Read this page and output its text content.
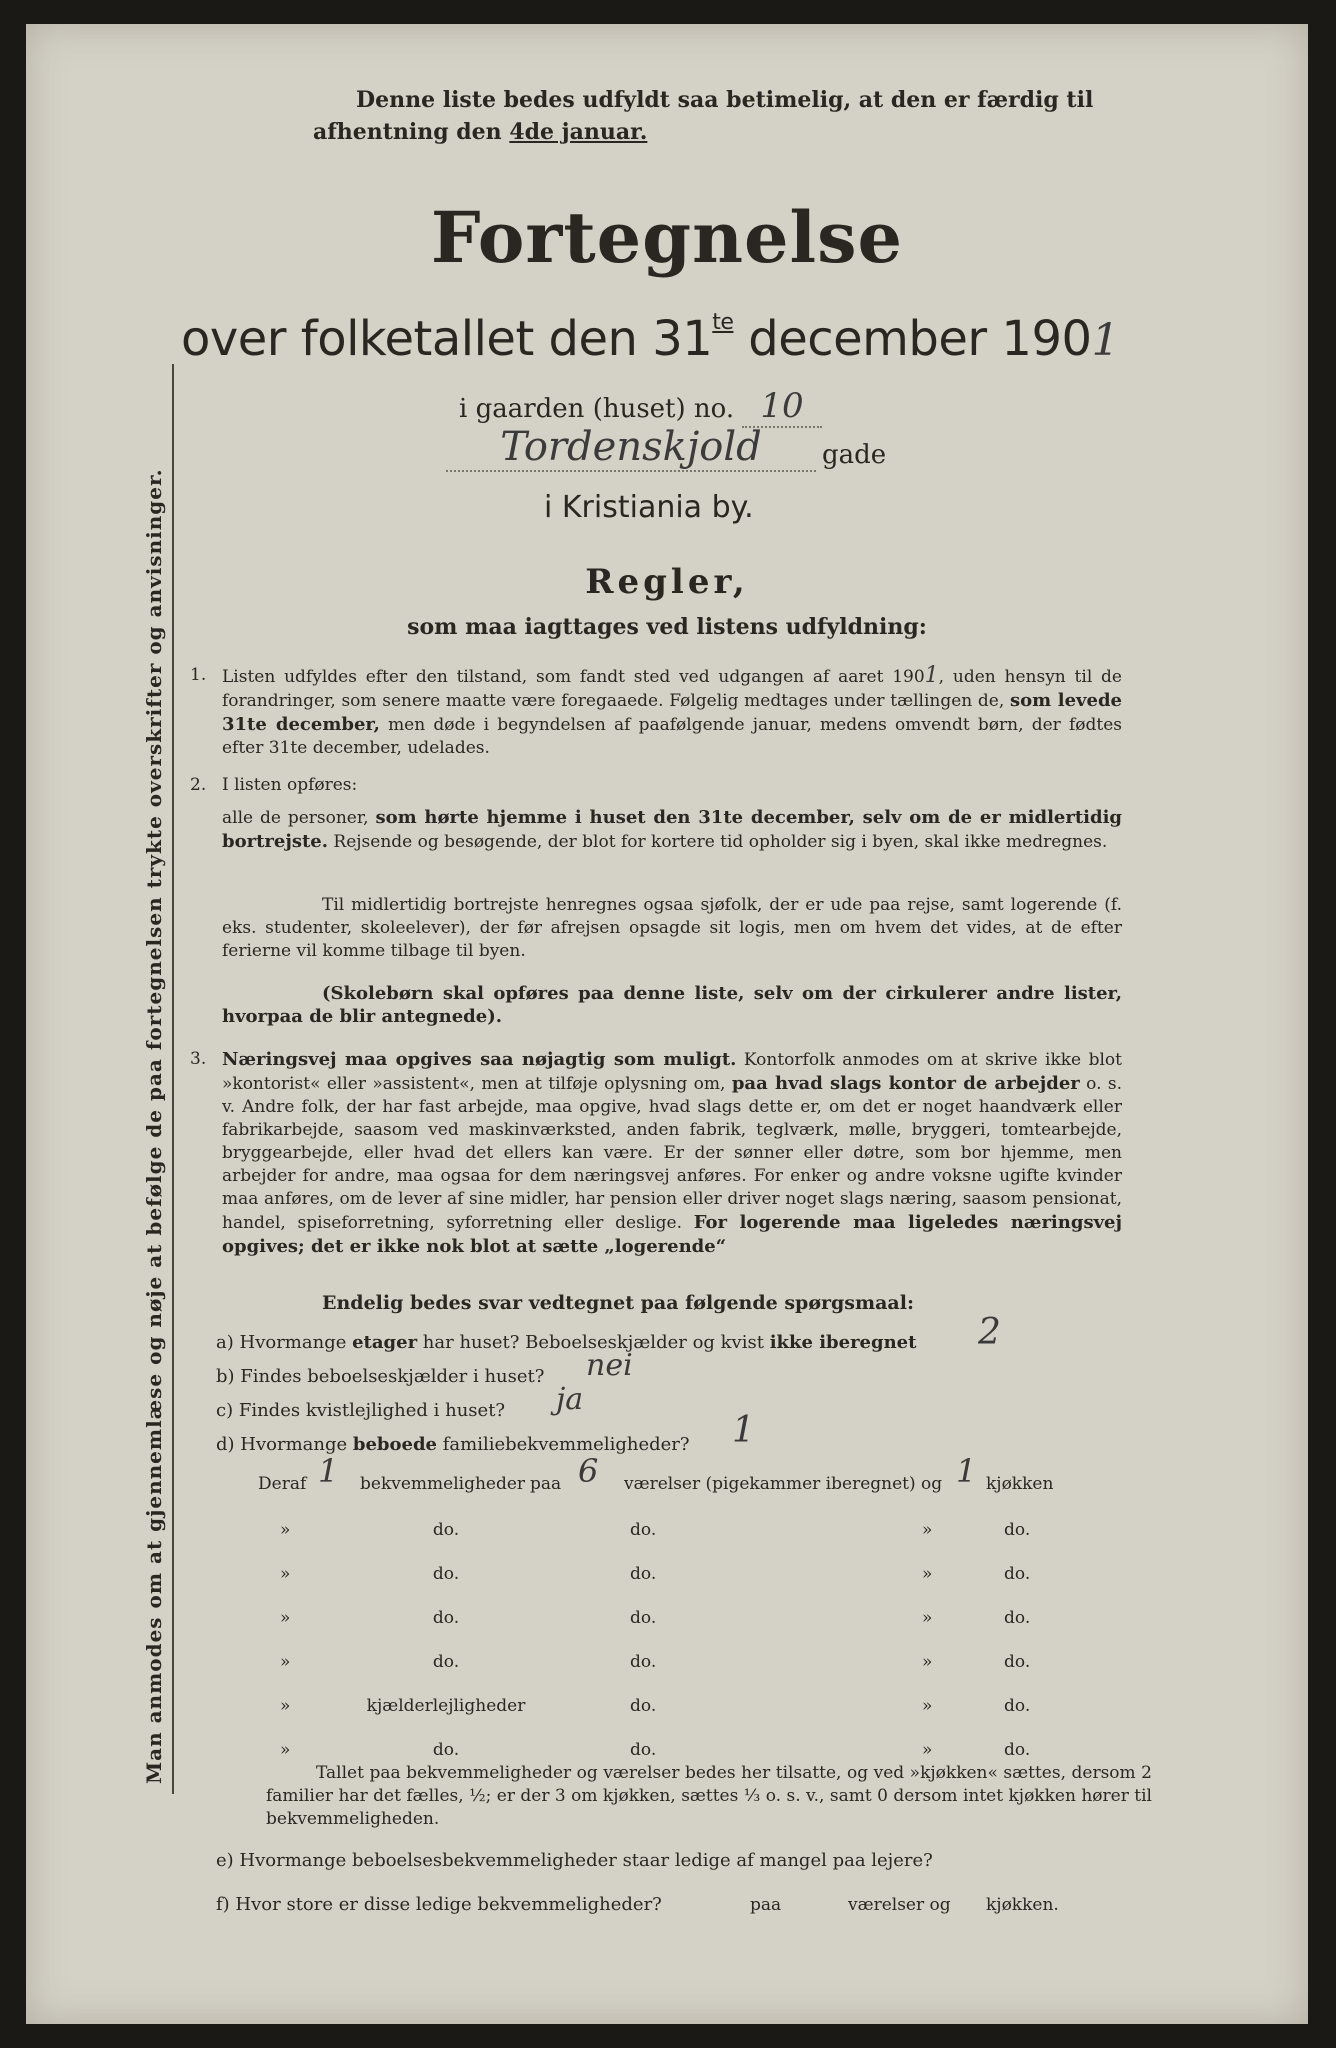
Man anmodes om at gjennemlæse og nøje at befølge de paa fortegnelsen trykte overskrifter og anvisninger.
Denne liste bedes udfyldt saa betimelig, at den er færdig til
afhentning den 4de januar.
Fortegnelse
over folketallet den $31^{te}$ december 1901
i gaarden (huset) no. 10
Tordenskjold	gade
i Kristiania by.
Regler,
som maa iagttages ved listens udfyldning:
1. Listen udfyldes efter den tilstand, som fandt sted ved udgangen af aaret 1901, uden hensyn til de forandringer, som senere maatte være foregaaede. Følgelig medtages under tællingen de, som levede 31te december, men døde i begyndelsen af paafølgende januar, medens omvendt børn, der fødtes efter 31te december, udelades.
2. I listen opføres:
alle de personer, som hørte hjemme i huset den 31te december, selv om de er midlertidig bortrejste. Rejsende og besøgende, der blot for kortere tid opholder sig i byen, skal ikke medregnes.
Til midlertidig bortrejste henregnes ogsaa sjøfolk, der er ude paa rejse, samt logerende (f. eks. studenter, skoleelever), der før afrejsen opsagde sit logis, men om hvem det vides, at de efter ferierne vil komme tilbage til byen.
(Skolebørn skal opføres paa denne liste, selv om der cirkulerer andre lister, hvorpaa de blir antegnede).
3. Næringsvej maa opgives saa nøjagtig som muligt. Kontorfolk anmodes om at skrive ikke blot »kontorist« eller »assistent«, men at tilføje oplysning om, paa hvad slags kontor de arbejder o. s. v. Andre folk, der har fast arbejde, maa opgive, hvad slags dette er, om det er noget haandværk eller fabrikarbejde, saasom ved maskinværksted, anden fabrik, teglværk, mølle, bryggeri, tomtearbejde, bryggearbejde, eller hvad det ellers kan være. Er der sønner eller døtre, som bor hjemme, men arbejder for andre, maa ogsaa for dem næringsvej anføres. For enker og andre voksne ugifte kvinder maa anføres, om de lever af sine midler, har pension eller driver noget slags næring, saasom pensionat, handel, spiseforretning, syforretning eller deslige. For logerende maa ligeledes næringsvej opgives; det er ikke nok blot at sætte „logerende“
Endelig bedes svar vedtegnet paa følgende spørgsmaal:
a) Hvormange etager har huset? Beboelseskjælder og kvist ikke iberegnet 2
b) Findes beboelseskjælder i huset? nei
c) Findes kvistlejlighed i huset? ja
d) Hvormange beboede familiebekvemmeligheder? 1
Deraf 1 bekvemmeligheder paa 6 værelser (pigekammer iberegnet) og 1 kjøkken
»	do.	do.	»	do.
»	do.	do.	»	do.
»	do.	do.	»	do.
»	do.	do.	»	do.
»	kjælderlejligheder	do.	»	do.
»	do.	do.	»	do.
Tallet paa bekvemmeligheder og værelser bedes her tilsatte, og ved »kjøkken« sættes, dersom 2 familier har det fælles, ½; er der 3 om kjøkken, sættes ⅓ o. s. v., samt 0 dersom intet kjøkken hører til bekvemmeligheden.
e) Hvormange beboelsesbekvemmeligheder staar ledige af mangel paa lejere?
f) Hvor store er disse ledige bekvemmeligheder?	paa	værelser og kjøkken.
